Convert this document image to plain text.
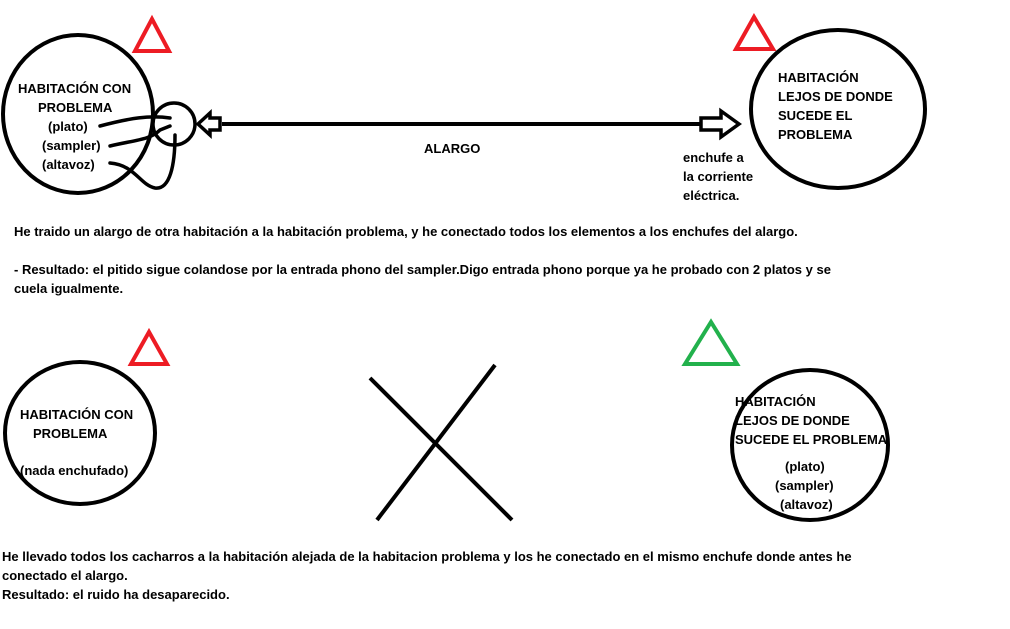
HABITACIÓN CON
PROBLEMA
(plato)
(sampler)
(altavoz)
ALARGO
enchufe a
la corriente
eléctrica.
HABITACIÓN
LEJOS DE DONDE
SUCEDE EL
PROBLEMA
He traido un alargo de otra habitación a la habitación problema, y he conectado todos los elementos a los enchufes del alargo.
- Resultado: el pitido sigue colandose por la entrada phono del sampler.Digo entrada phono porque ya he probado con 2 platos y se
cuela igualmente.
HABITACIÓN CON
PROBLEMA
(nada enchufado)
HABITACIÓN
LEJOS DE DONDE
SUCEDE EL PROBLEMA
(plato)
(sampler)
(altavoz)
He llevado todos los cacharros a la habitación alejada de la habitacion problema y los he conectado en el mismo enchufe donde antes he
conectado el alargo.
Resultado: el ruido ha desaparecido.
